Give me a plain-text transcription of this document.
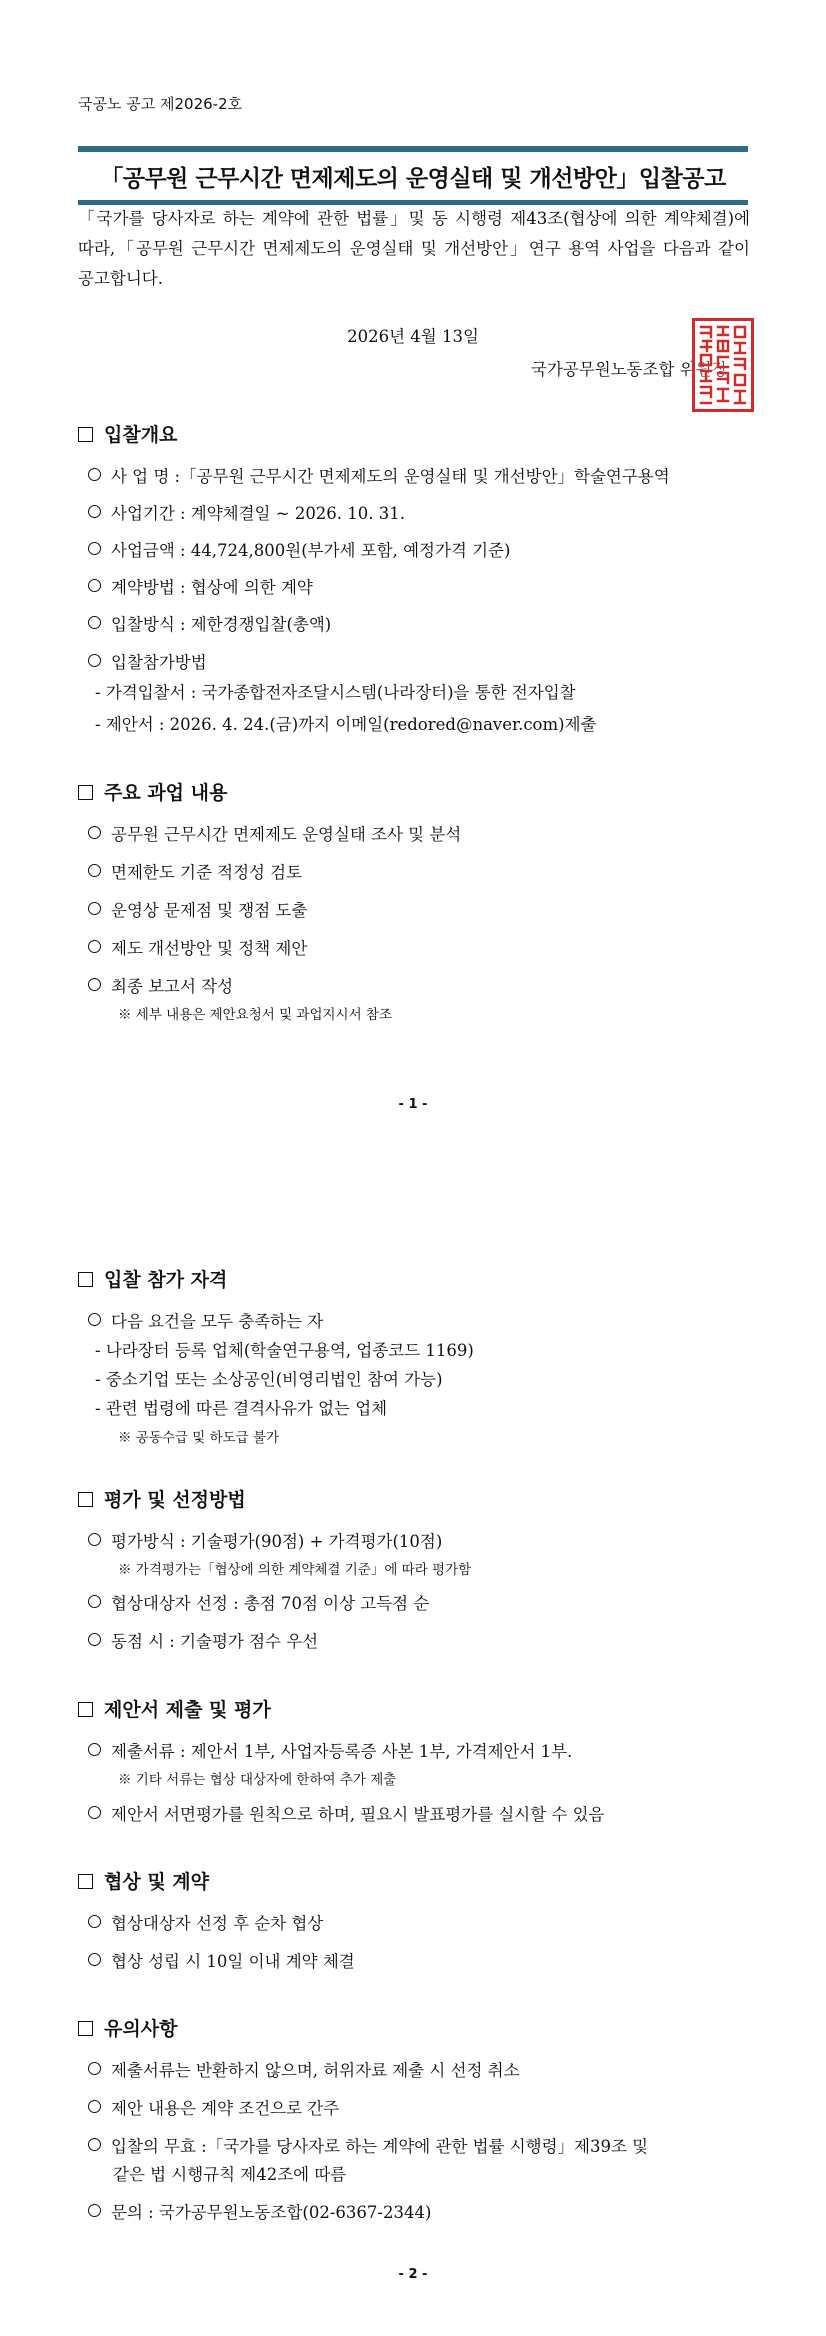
국공노 공고 제2026-2호
「공무원 근무시간 면제제도의 운영실태 및 개선방안」입찰공고
「국가를 당사자로 하는 계약에 관한 법률」및 동 시행령 제43조(협상에 의한 계약체결)에 따라,「공무원 근무시간 면제제도의 운영실태 및 개선방안」연구 용역 사업을 다음과 같이 공고합니다.
2026년 4월 13일
국가공무원노동조합 위원장
입찰개요
사 업 명 :「공무원 근무시간 면제제도의 운영실태 및 개선방안」학술연구용역
사업기간 : 계약체결일 ~ 2026. 10. 31.
사업금액 : 44,724,800원(부가세 포함, 예정가격 기준)
계약방법 : 협상에 의한 계약
입찰방식 : 제한경쟁입찰(총액)
입찰참가방법
- 가격입찰서 : 국가종합전자조달시스템(나라장터)을 통한 전자입찰
- 제안서 : 2026. 4. 24.(금)까지 이메일(redored@naver.com)제출
주요 과업 내용
공무원 근무시간 면제제도 운영실태 조사 및 분석
면제한도 기준 적정성 검토
운영상 문제점 및 쟁점 도출
제도 개선방안 및 정책 제안
최종 보고서 작성
※ 세부 내용은 제안요청서 및 과업지시서 참조
- 1 -
입찰 참가 자격
다음 요건을 모두 충족하는 자
- 나라장터 등록 업체(학술연구용역, 업종코드 1169)
- 중소기업 또는 소상공인(비영리법인 참여 가능)
- 관련 법령에 따른 결격사유가 없는 업체
※ 공동수급 및 하도급 불가
평가 및 선정방법
평가방식 : 기술평가(90점) + 가격평가(10점)
※ 가격평가는「협상에 의한 계약체결 기준」에 따라 평가함
협상대상자 선정 : 총점 70점 이상 고득점 순
동점 시 : 기술평가 점수 우선
제안서 제출 및 평가
제출서류 : 제안서 1부, 사업자등록증 사본 1부, 가격제안서 1부.
※ 기타 서류는 협상 대상자에 한하여 추가 제출
제안서 서면평가를 원칙으로 하며, 필요시 발표평가를 실시할 수 있음
협상 및 계약
협상대상자 선정 후 순차 협상
협상 성립 시 10일 이내 계약 체결
유의사항
제출서류는 반환하지 않으며, 허위자료 제출 시 선정 취소
제안 내용은 계약 조건으로 간주
입찰의 무효 :「국가를 당사자로 하는 계약에 관한 법률 시행령」제39조 및
같은 법 시행규칙 제42조에 따름
문의 : 국가공무원노동조합(02-6367-2344)
- 2 -
